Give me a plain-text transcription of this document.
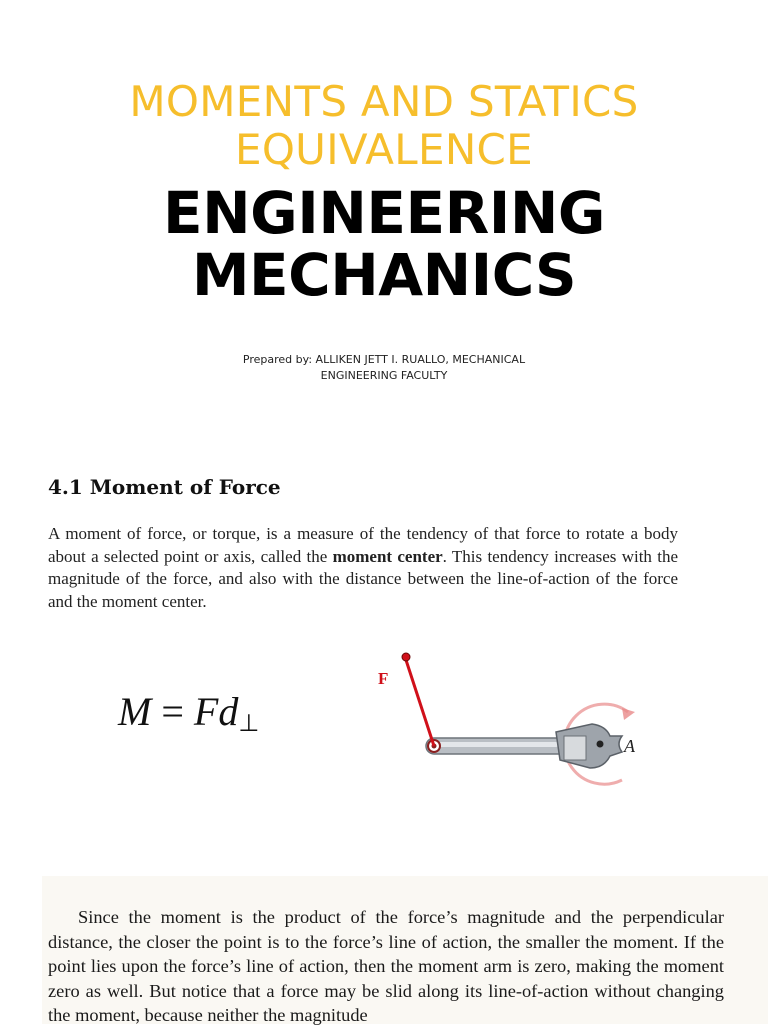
MOMENTS AND STATICS
EQUIVALENCE
ENGINEERING
MECHANICS
Prepared by: ALLIKEN JETT I. RUALLO, MECHANICAL
ENGINEERING FACULTY
4.1 Moment of Force

A moment of force, or torque, is a measure of the tendency of that force to rotate a body about a selected point or axis, called the moment center. This tendency increases with the magnitude of the force, and also with the distance between the line-of-action of the force and the moment center.

$M = Fd_\perp$
A
F

Since the moment is the product of the force’s magnitude and the perpendicular distance, the closer the point is to the force’s line of action, the smaller the moment. If the point lies upon the force’s line of action, then the moment arm is zero, making the moment zero as well. But notice that a force may be slid along its line-of-action without changing the moment, because neither the magnitude
